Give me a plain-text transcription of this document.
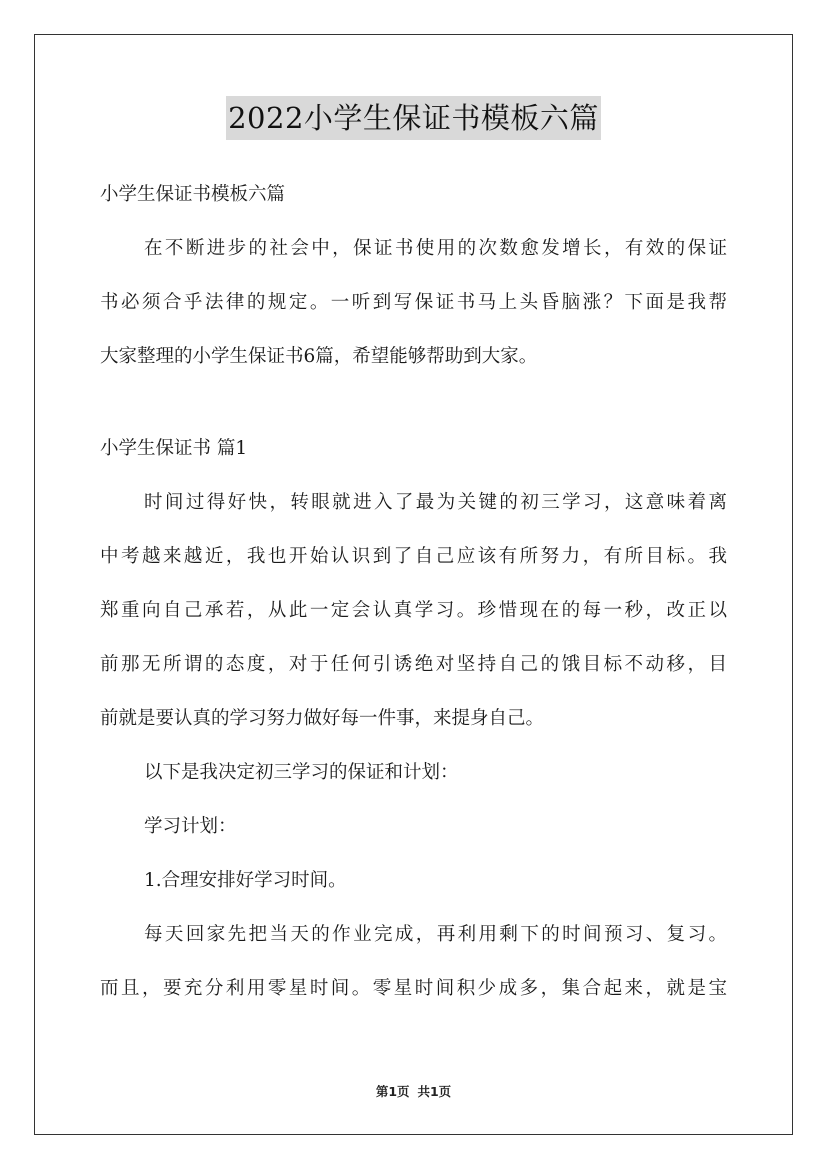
2022小学生保证书模板六篇
小学生保证书模板六篇
在不断进步的社会中，保证书使用的次数愈发增长，有效的保证
书必须合乎法律的规定。一听到写保证书马上头昏脑涨？下面是我帮
大家整理的小学生保证书6篇，希望能够帮助到大家。
小学生保证书 篇1
时间过得好快，转眼就进入了最为关键的初三学习，这意味着离
中考越来越近，我也开始认识到了自己应该有所努力，有所目标。我
郑重向自己承若，从此一定会认真学习。珍惜现在的每一秒，改正以
前那无所谓的态度，对于任何引诱绝对坚持自己的饿目标不动移，目
前就是要认真的学习努力做好每一件事，来提身自己。
以下是我决定初三学习的保证和计划：
学习计划：
1.合理安排好学习时间。
每天回家先把当天的作业完成，再利用剩下的时间预习、复习。
而且，要充分利用零星时间。零星时间积少成多，集合起来，就是宝
第1页 共1页
